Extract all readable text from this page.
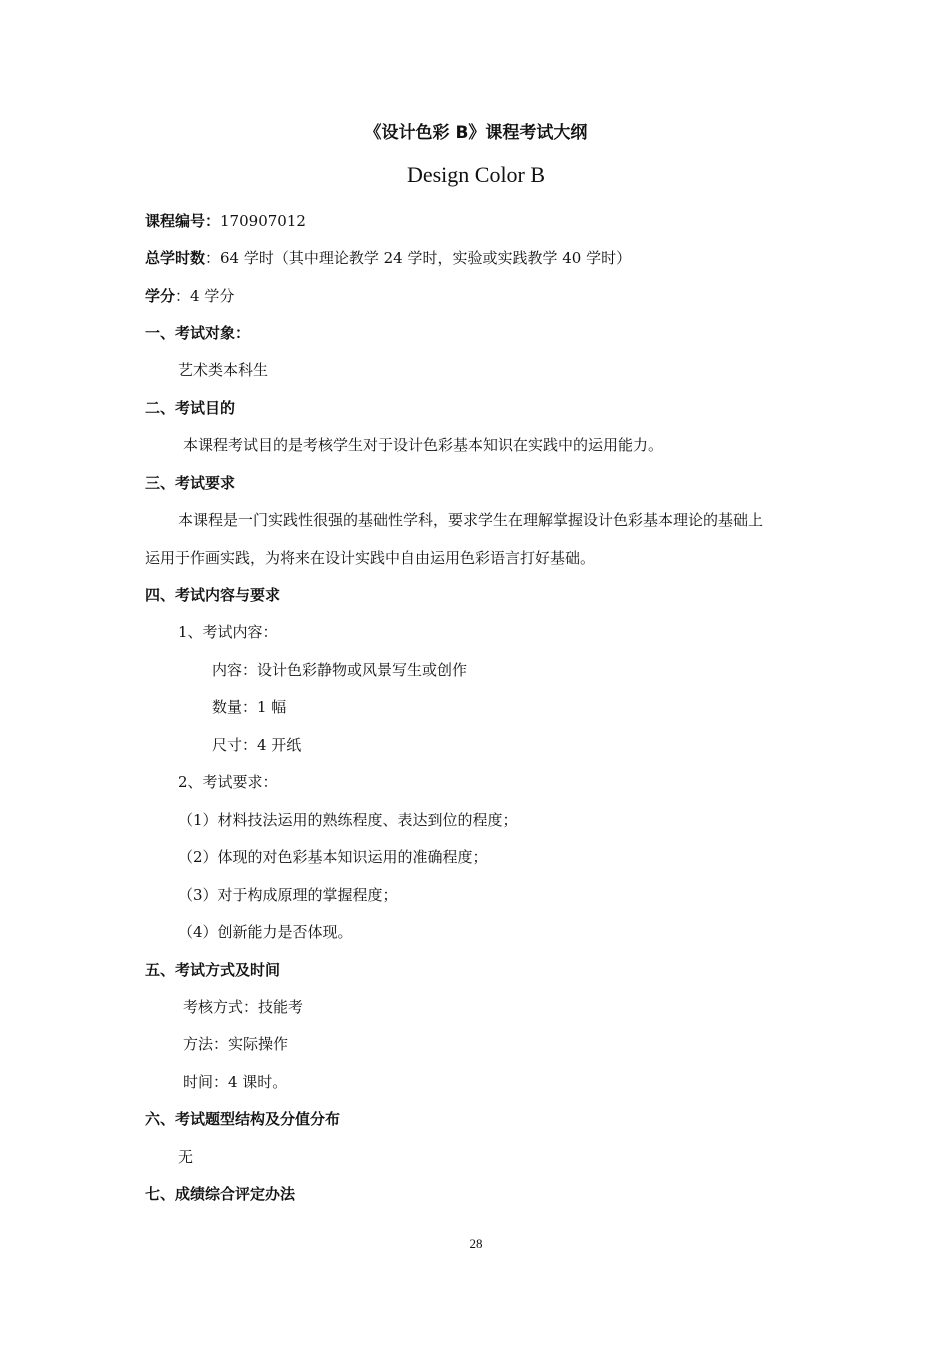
《设计色彩 B》课程考试大纲
Design Color B
课程编号：170907012
总学时数：64 学时（其中理论教学 24 学时，实验或实践教学 40 学时）
学分：4 学分
一、考试对象：
艺术类本科生
二、考试目的
本课程考试目的是考核学生对于设计色彩基本知识在实践中的运用能力。
三、考试要求
本课程是一门实践性很强的基础性学科，要求学生在理解掌握设计色彩基本理论的基础上
运用于作画实践，为将来在设计实践中自由运用色彩语言打好基础。
四、考试内容与要求
1、考试内容：
内容：设计色彩静物或风景写生或创作
数量：1 幅
尺寸：4 开纸
2、考试要求：
（1）材料技法运用的熟练程度、表达到位的程度；
（2）体现的对色彩基本知识运用的准确程度；
（3）对于构成原理的掌握程度；
（4）创新能力是否体现。
五、考试方式及时间
考核方式：技能考
方法：实际操作
时间：4 课时。
六、考试题型结构及分值分布
无
七、成绩综合评定办法
28
